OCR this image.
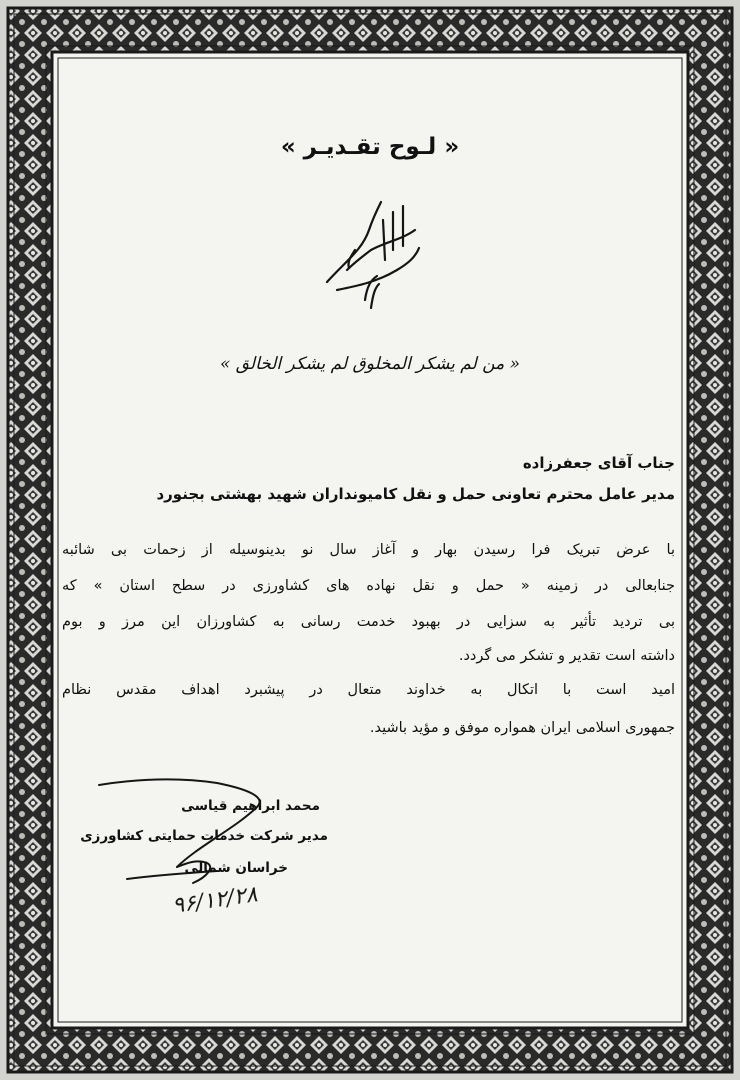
« لـوح تقـديـر »
« من لم یشکر المخلوق لم یشکر الخالق »
جناب آقای جعفرزاده
مدیر عامل محترم تعاونی حمل و نقل کامیونداران شهید بهشتی بجنورد
با عرض تبریک فرا رسیدن بهار و آغاز سال نو بدینوسیله از زحمات بی شائبه
جنابعالی در زمینه « حمل و نقل نهاده های کشاورزی در سطح استان » که
بی تردید تأثیر به سزایی در بهبود خدمت رسانی به کشاورزان این مرز و بوم
داشته است تقدیر و تشکر می گردد.
امید است با اتکال به خداوند متعال در پیشبرد اهداف مقدس نظام
جمهوری اسلامی ایران همواره موفق و مؤید باشید.
محمد ابراهیم قیاسی
مدیر شرکت خدمات حمایتی کشاورزی
خراسان شمالی
۹۶/۱۲/۲۸
